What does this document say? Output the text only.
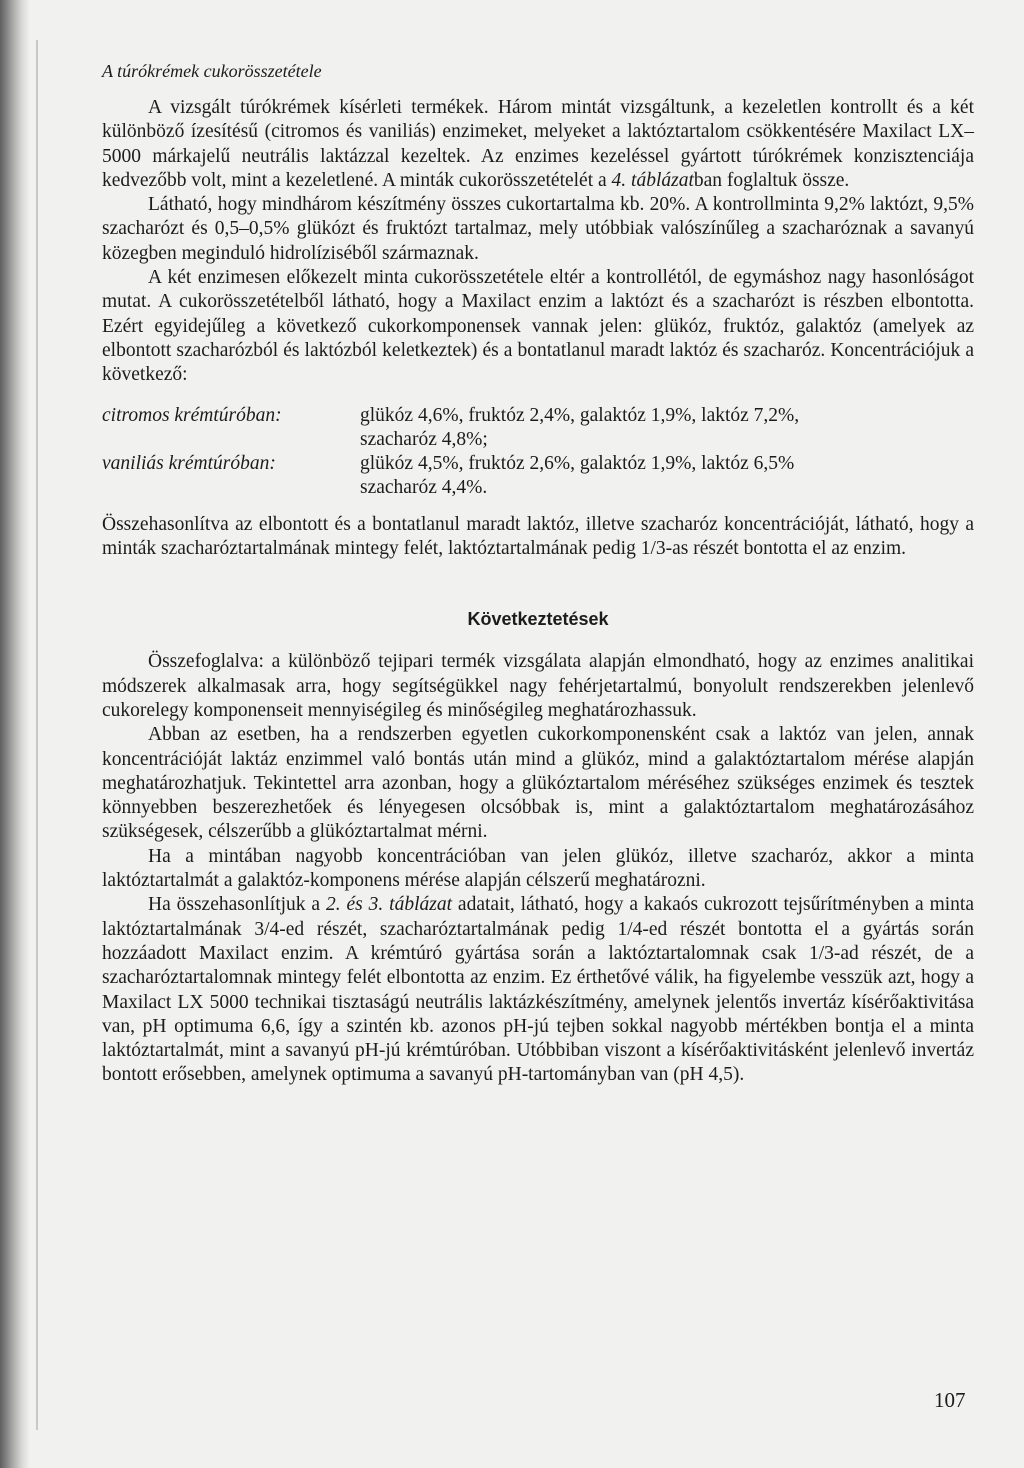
A túrókrémek cukorösszetétele

A vizsgált túrókrémek kísérleti termékek. Három mintát vizsgáltunk, a kezeletlen kontrollt és a két különböző ízesítésű (citromos és vaniliás) enzimeket, melyeket a laktóztartalom csökkentésére Maxilact LX–5000 márkajelű neutrális laktázzal kezeltek. Az enzimes kezeléssel gyártott túrókrémek konzisztenciája kedvezőbb volt, mint a kezeletlené. A minták cukorösszetételét a 4. táblázatban foglaltuk össze.

Látható, hogy mindhárom készítmény összes cukortartalma kb. 20%. A kontrollminta 9,2% laktózt, 9,5% szacharózt és 0,5–0,5% glükózt és fruktózt tartalmaz, mely utóbbiak valószínűleg a szacharóznak a savanyú közegben meginduló hidrolíziséből származnak.

A két enzimesen előkezelt minta cukorösszetétele eltér a kontrollétól, de egymáshoz nagy hasonlóságot mutat. A cukorösszetételből látható, hogy a Maxilact enzim a laktózt és a szacharózt is részben elbontotta. Ezért egyidejűleg a következő cukorkomponensek vannak jelen: glükóz, fruktóz, galaktóz (amelyek az elbontott szacharózból és laktózból keletkeztek) és a bontatlanul maradt laktóz és szacharóz. Koncentrációjuk a következő:

citromos krémtúróban:	glükóz 4,6%, fruktóz 2,4%, galaktóz 1,9%, laktóz 7,2%,
szacharóz 4,8%;
vaniliás krémtúróban:	glükóz 4,5%, fruktóz 2,6%, galaktóz 1,9%, laktóz 6,5%
szacharóz 4,4%.

Összehasonlítva az elbontott és a bontatlanul maradt laktóz, illetve szacharóz koncentrációját, látható, hogy a minták szacharóztartalmának mintegy felét, laktóztartalmának pedig 1/3-as részét bontotta el az enzim.

Következtetések

Összefoglalva: a különböző tejipari termék vizsgálata alapján elmondható, hogy az enzimes analitikai módszerek alkalmasak arra, hogy segítségükkel nagy fehérjetartalmú, bonyolult rendszerekben jelenlevő cukorelegy komponenseit mennyiségileg és minőségileg meghatározhassuk.

Abban az esetben, ha a rendszerben egyetlen cukorkomponensként csak a laktóz van jelen, annak koncentrációját laktáz enzimmel való bontás után mind a glükóz, mind a galaktóztartalom mérése alapján meghatározhatjuk. Tekintettel arra azonban, hogy a glükóztartalom méréséhez szükséges enzimek és tesztek könnyebben beszerezhetőek és lényegesen olcsóbbak is, mint a galaktóztartalom meghatározásához szükségesek, célszerűbb a glükóztartalmat mérni.

Ha a mintában nagyobb koncentrációban van jelen glükóz, illetve szacharóz, akkor a minta laktóztartalmát a galaktóz-komponens mérése alapján célszerű meghatározni.

Ha összehasonlítjuk a 2. és 3. táblázat adatait, látható, hogy a kakaós cukrozott tejsűrítményben a minta laktóztartalmának 3/4-ed részét, szacharóztartalmának pedig 1/4-ed részét bontotta el a gyártás során hozzáadott Maxilact enzim. A krémtúró gyártása során a laktóztartalomnak csak 1/3-ad részét, de a szacharóztartalomnak mintegy felét elbontotta az enzim. Ez érthetővé válik, ha figyelembe vesszük azt, hogy a Maxilact LX 5000 technikai tisztaságú neutrális laktázkészítmény, amelynek jelentős invertáz kísérőaktivitása van, pH optimuma 6,6, így a szintén kb. azonos pH-jú tejben sokkal nagyobb mértékben bontja el a minta laktóztartalmát, mint a savanyú pH-jú krémtúróban. Utóbbiban viszont a kísérőaktivitásként jelenlevő invertáz bontott erősebben, amelynek optimuma a savanyú pH-tartományban van (pH 4,5).

107
